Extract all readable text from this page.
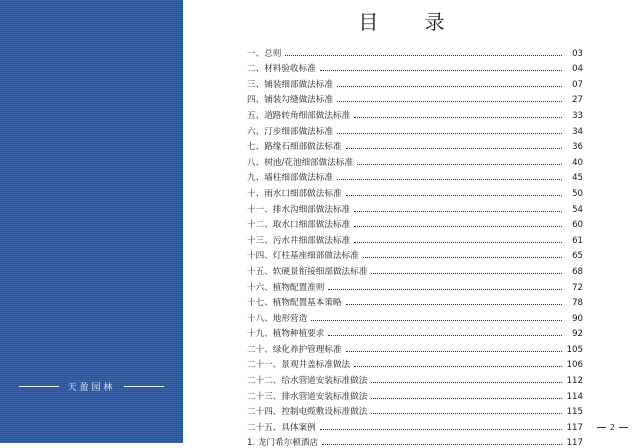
天盈园林
目 录
一、总则	03
二、材料验收标准	04
三、铺装细部做法标准	07
四、铺装勾缝做法标准	27
五、道路转角细部做法标准	33
六、汀步细部做法标准	34
七、路缘石细部做法标准	36
八、树池/花池细部做法标准	40
九、墙柱细部做法标准	45
十、雨水口细部做法标准	50
十一、排水沟细部做法标准	54
十二、取水口细部做法标准	60
十三、污水井细部做法标准	61
十四、灯柱基座细部做法标准	65
十五、软硬景衔接细部做法标准	68
十六、植物配置准则	72
十七、植物配置基本策略	78
十八、地形营造	90
十九、植物种植要求	92
二十、绿化养护管理标准	105
二十一、景观井盖标准做法	106
二十二、给水管道安装标准做法	112
二十三、排水管道安装标准做法	114
二十四、控制电缆敷设标准做法	115
二十五、具体案例	117
1. 龙门希尔顿酒店	117
2
